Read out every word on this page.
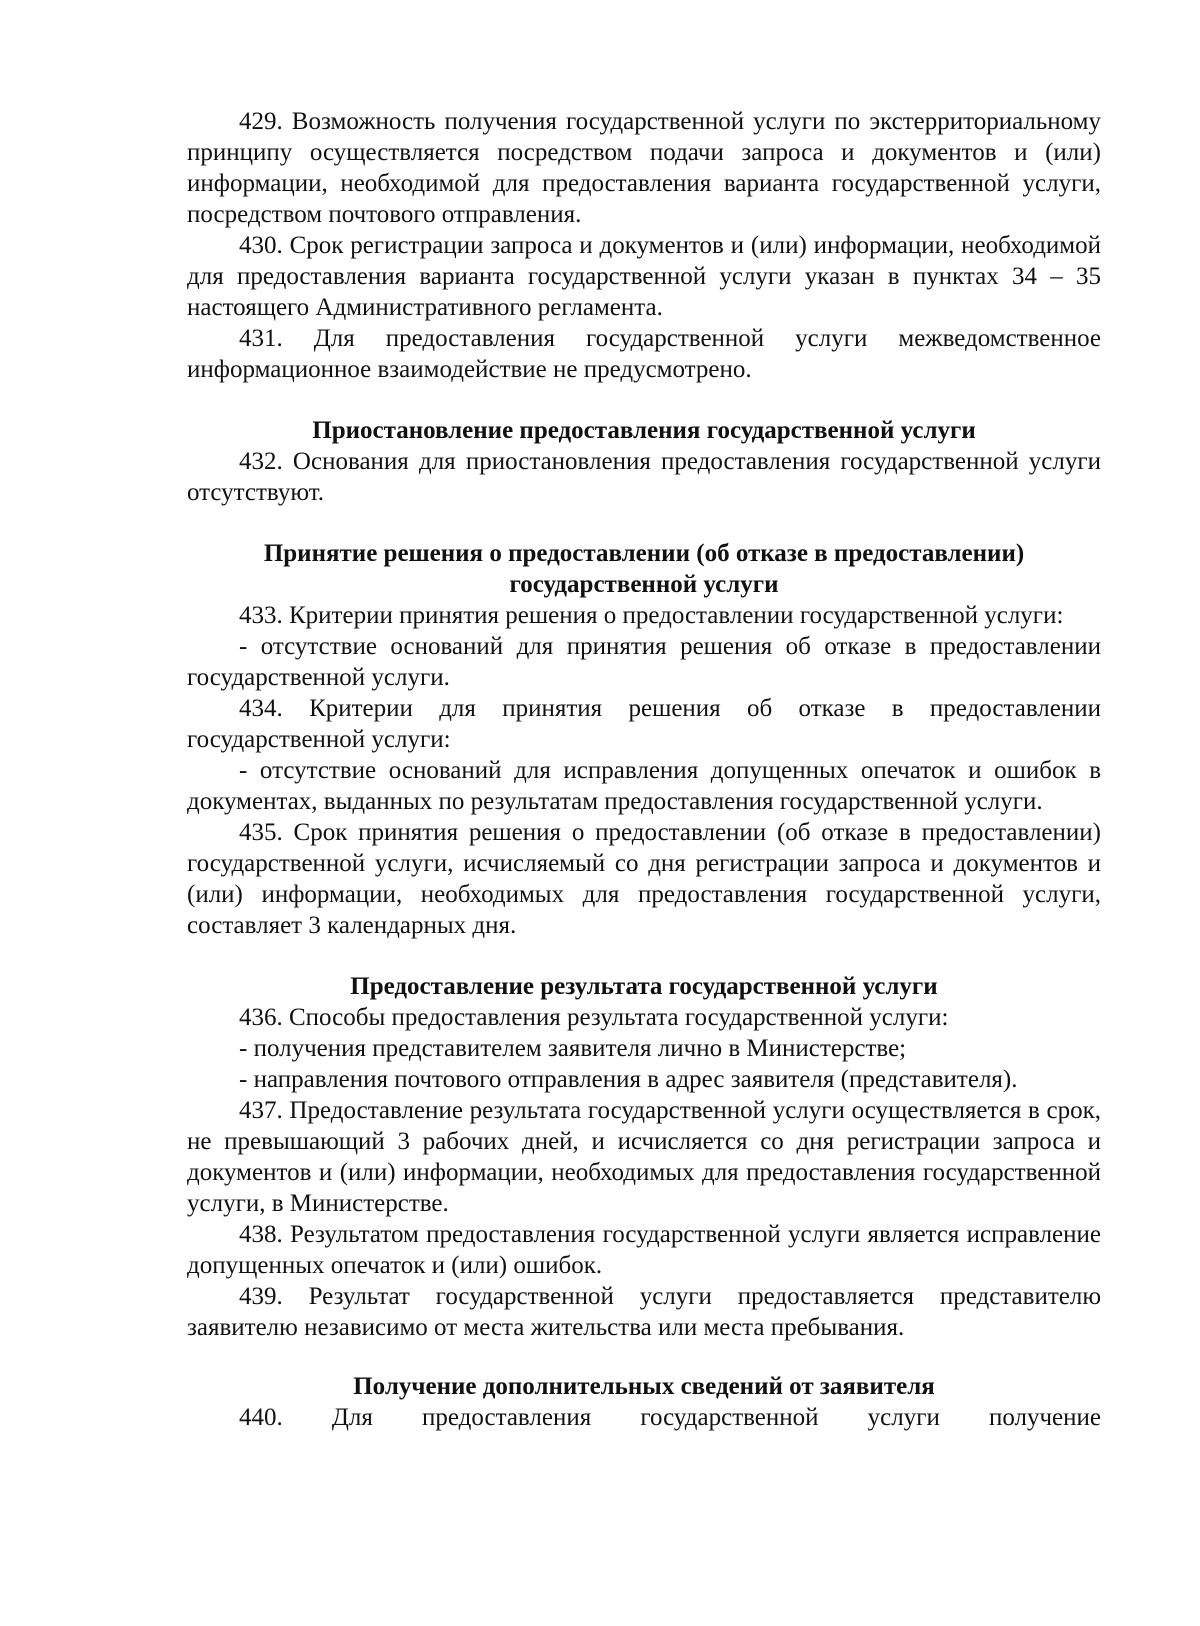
429. Возможность получения государственной услуги по экстерриториальному принципу осуществляется посредством подачи запроса и документов и (или) информации, необходимой для предоставления варианта государственной услуги, посредством почтового отправления.

430. Срок регистрации запроса и документов и (или) информации, необходимой для предоставления варианта государственной услуги указан в пунктах 34 – 35 настоящего Административного регламента.

431. Для предоставления государственной услуги межведомственное информационное взаимодействие не предусмотрено.

Приостановление предоставления государственной услуги

432. Основания для приостановления предоставления государственной услуги отсутствуют.

Принятие решения о предоставлении (об отказе в предоставлении)

государственной услуги

433. Критерии принятия решения о предоставлении государственной услуги:

- отсутствие оснований для принятия решения об отказе в предоставлении государственной услуги.

434. Критерии для принятия решения об отказе в предоставлении государственной услуги:

- отсутствие оснований для исправления допущенных опечаток и ошибок в документах, выданных по результатам предоставления государственной услуги.

435. Срок принятия решения о предоставлении (об отказе в предоставлении) государственной услуги, исчисляемый со дня регистрации запроса и документов и (или) информации, необходимых для предоставления государственной услуги, составляет 3 календарных дня.

Предоставление результата государственной услуги

436. Способы предоставления результата государственной услуги:

- получения представителем заявителя лично в Министерстве;

- направления почтового отправления в адрес заявителя (представителя).

437. Предоставление результата государственной услуги осуществляется в срок, не превышающий 3 рабочих дней, и исчисляется со дня регистрации запроса и документов и (или) информации, необходимых для предоставления государственной услуги, в Министерстве.

438. Результатом предоставления государственной услуги является исправление допущенных опечаток и (или) ошибок.

439. Результат государственной услуги предоставляется представителю заявителю независимо от места жительства или места пребывания.

Получение дополнительных сведений от заявителя

440. Для предоставления государственной услуги получение
